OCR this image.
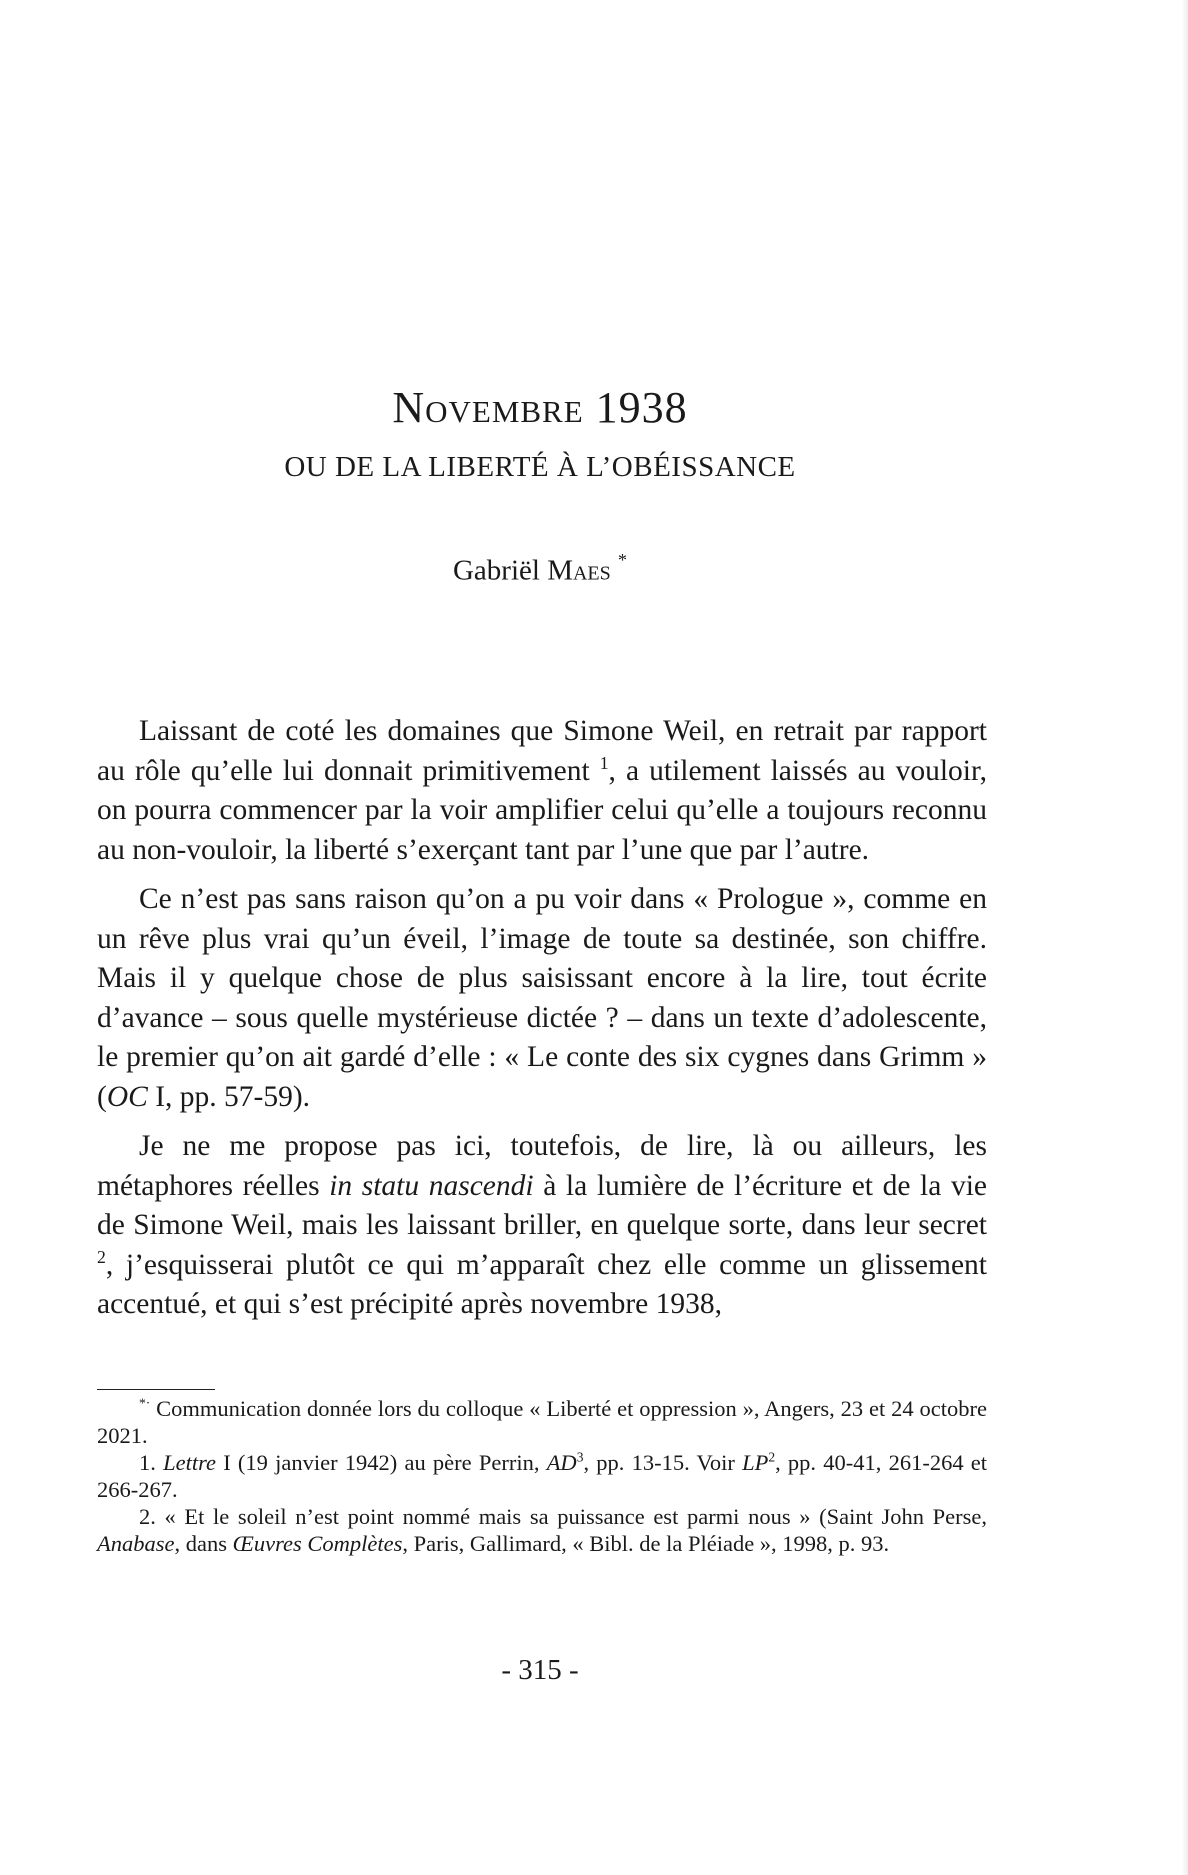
Novembre 1938
OU DE LA LIBERTÉ À L’OBÉISSANCE

Gabriël Maes *

Laissant de coté les domaines que Simone Weil, en retrait par rapport au rôle qu’elle lui donnait primitivement $^1$, a utilement laissés au vouloir, on pourra commencer par la voir amplifier celui qu’elle a toujours reconnu au non-vouloir, la liberté s’exerçant tant par l’une que par l’autre.

Ce n’est pas sans raison qu’on a pu voir dans « Prologue », comme en un rêve plus vrai qu’un éveil, l’image de toute sa destinée, son chiffre. Mais il y quelque chose de plus saisissant encore à la lire, tout écrite d’avance – sous quelle mystérieuse dictée ? – dans un texte d’adolescente, le premier qu’on ait gardé d’elle : « Le conte des six cygnes dans Grimm » (OC I, pp. 57-59).

Je ne me propose pas ici, toutefois, de lire, là ou ailleurs, les métaphores réelles in statu nascendi à la lumière de l’écriture et de la vie de Simone Weil, mais les laissant briller, en quelque sorte, dans leur secret $^2$, j’esquisserai plutôt ce qui m’apparaît chez elle comme un glissement accentué, et qui s’est précipité après novembre 1938,

*· Communication donnée lors du colloque « Liberté et oppression », Angers, 23 et 24 octobre 2021.

1. Lettre I (19 janvier 1942) au père Perrin, $AD^3$, pp. 13-15. Voir $LP^2$, pp. 40-41, 261-264 et 266-267.

2. « Et le soleil n’est point nommé mais sa puissance est parmi nous » (Saint John Perse, Anabase, dans Œuvres Complètes, Paris, Gallimard, « Bibl. de la Pléiade », 1998, p. 93.

- 315 -
